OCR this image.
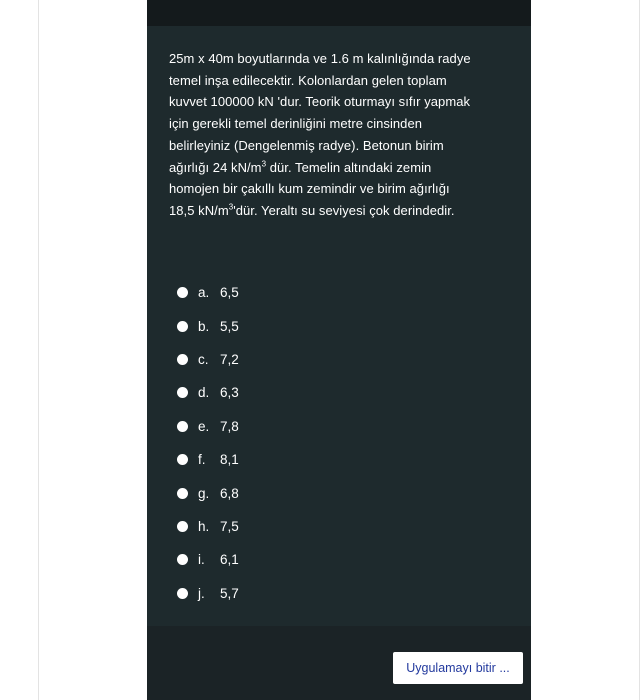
25m x 40m boyutlarında ve 1.6 m kalınlığında radye
temel inşa edilecektir. Kolonlardan gelen toplam
kuvvet 100000 kN 'dur. Teorik oturmayı sıfır yapmak
için gerekli temel derinliğini metre cinsinden
belirleyiniz (Dengelenmiş radye). Betonun birim
ağırlığı 24 $kN/m^3$ dür. Temelin altındaki zemin
homojen bir çakıllı kum zemindir ve birim ağırlığı
18,5 $kN/m^3'dür$. Yeraltı su seviyesi çok derindedir.
a. 6,5
b. 5,5
c. 7,2
d. 6,3
e. 7,8
f.	8,1
g. 6,8
h. 7,5
i.	6,1
j.	5,7
Uygulamayı bitir ...
